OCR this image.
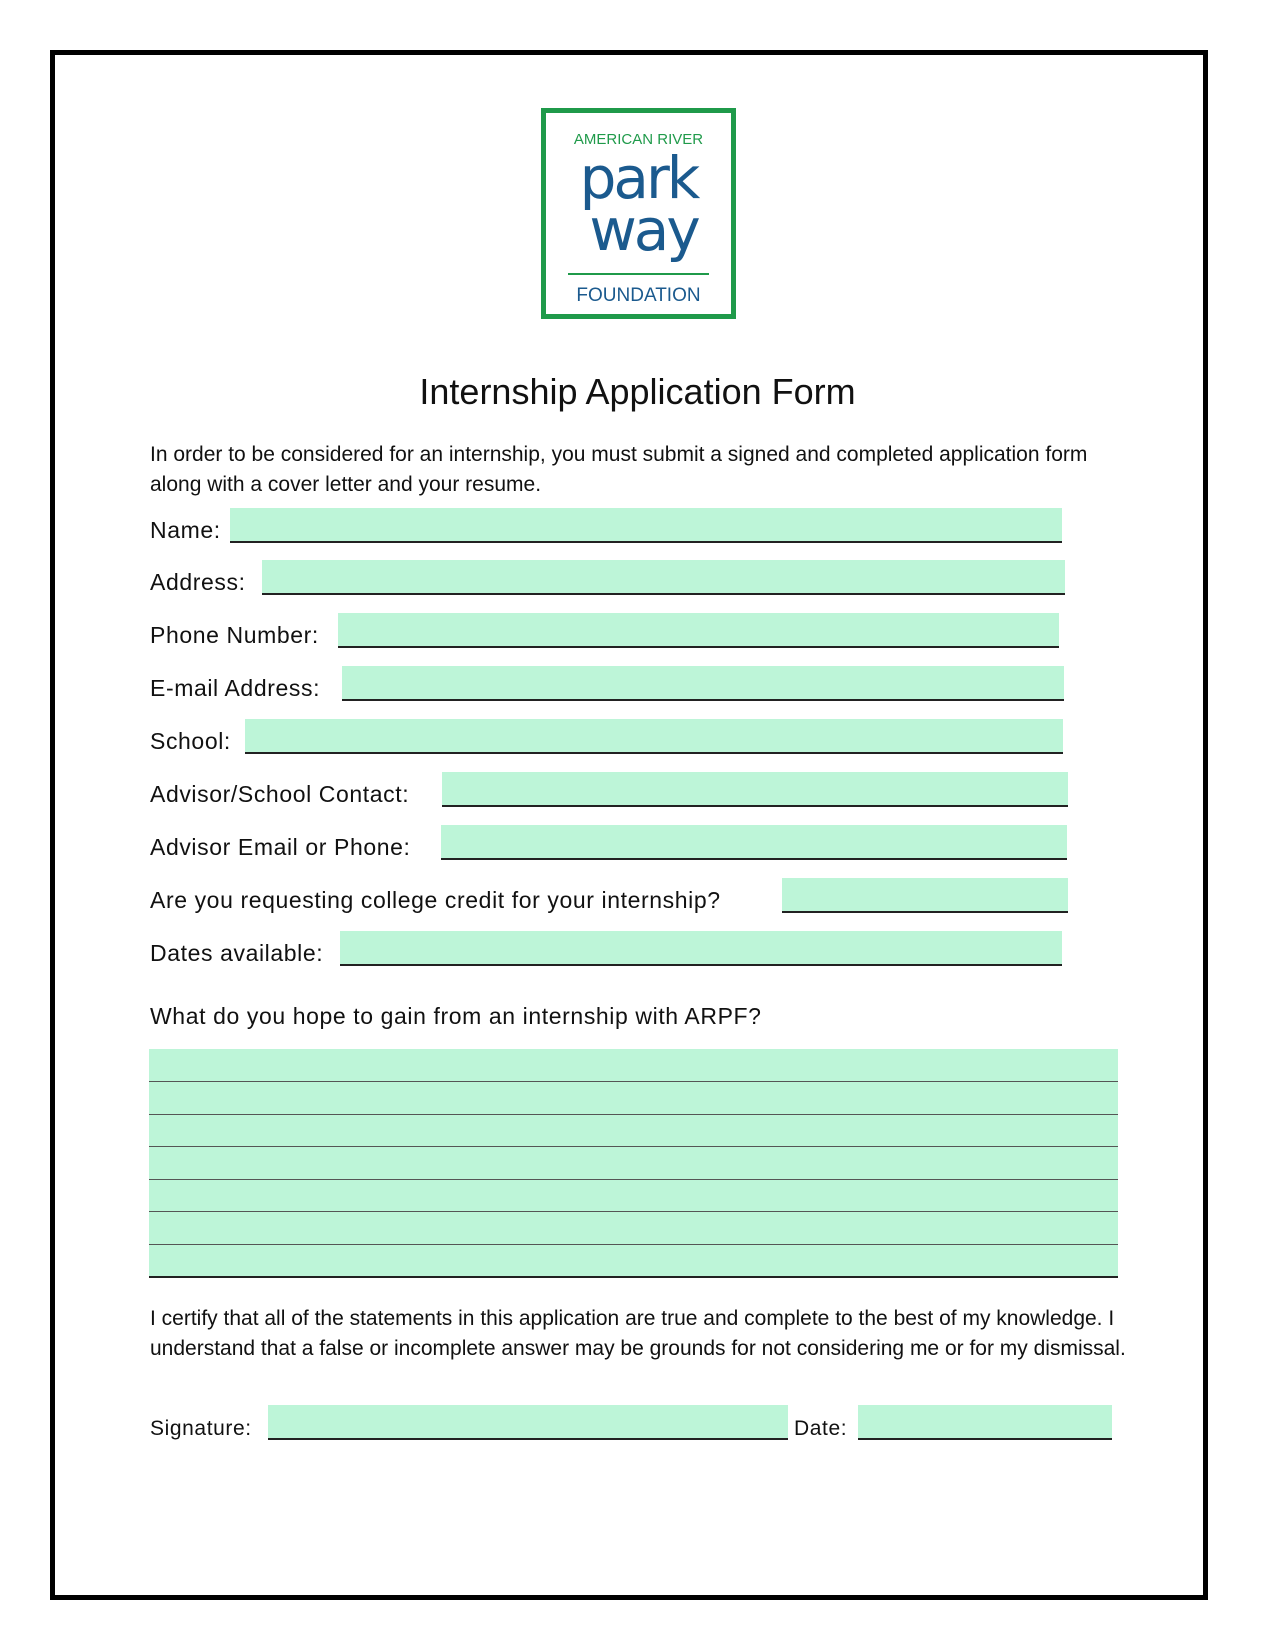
AMERICAN RIVER
park
way
FOUNDATION
Internship Application Form
In order to be considered for an internship, you must submit a signed and completed application form along with a cover letter and your resume.
Name:
Address:
Phone Number:
E-mail Address:
School:
Advisor/School Contact:
Advisor Email or Phone:
Are you requesting college credit for your internship?
Dates available:
What do you hope to gain from an internship with ARPF?
I certify that all of the statements in this application are true and complete to the best of my knowledge. I understand that a false or incomplete answer may be grounds for not considering me or for my dismissal.
Signature:	Date:
